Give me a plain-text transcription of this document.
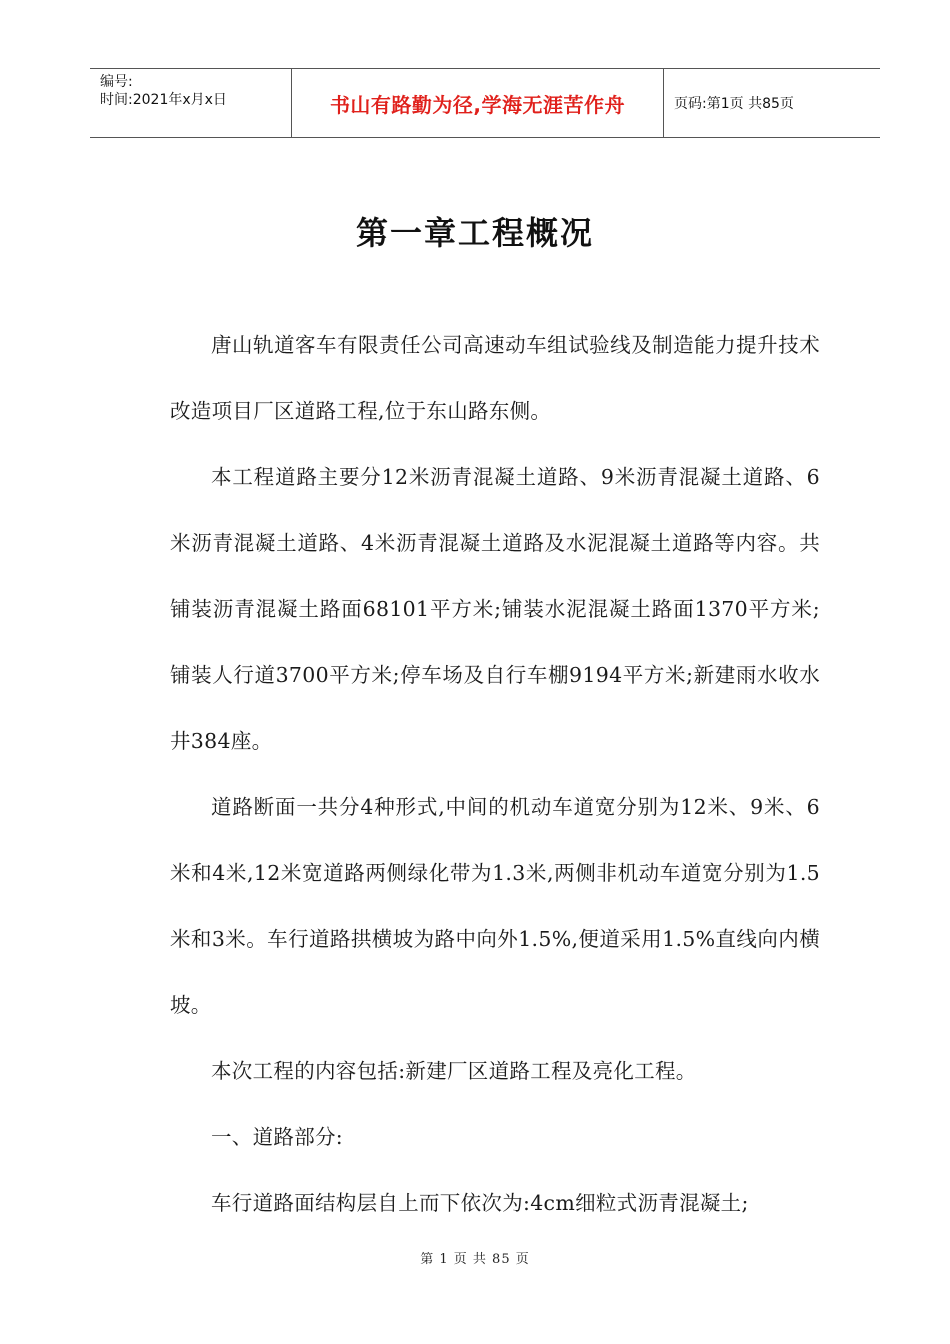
编号:
时间:2021年x月x日	书山有路勤为径,学海无涯苦作舟	页码:第1页 共85页
第一章工程概况

唐山轨道客车有限责任公司高速动车组试验线及制造能力提升技术改造项目厂区道路工程,位于东山路东侧。

本工程道路主要分12米沥青混凝土道路、9米沥青混凝土道路、6米沥青混凝土道路、4米沥青混凝土道路及水泥混凝土道路等内容。共铺装沥青混凝土路面68101平方米;铺装水泥混凝土路面1370平方米;铺装人行道3700平方米;停车场及自行车棚9194平方米;新建雨水收水井384座。

道路断面一共分4种形式,中间的机动车道宽分别为12米、9米、6米和4米,12米宽道路两侧绿化带为1.3米,两侧非机动车道宽分别为1.5米和3米。车行道路拱横坡为路中向外1.5%,便道采用1.5%直线向内横坡。

本次工程的内容包括:新建厂区道路工程及亮化工程。

一、道路部分:

车行道路面结构层自上而下依次为:4cm细粒式沥青混凝土;

第 1 页 共 85 页
